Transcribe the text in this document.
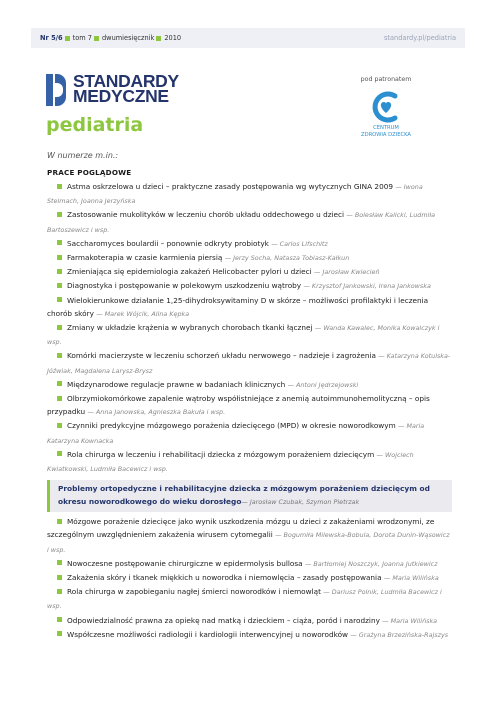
Nr 5/6 tom 7 dwumiesięcznik 2010	standardy.pl/pediatria
STANDARDY
MEDYCZNE
pediatria
pod patronatem
CENTRUM
ZDROWIA DZIECKA
W numerze m.in.:
PRACE POGLĄDOWE
Astma oskrzelowa u dzieci – praktyczne zasady postępowania wg wytycznych GINA 2009 — Iwona Stelmach, Joanna Jerzyńska
Zastosowanie mukolityków w leczeniu chorób układu oddechowego u dzieci — Bolesław Kalicki, Ludmiła Bartoszewicz i wsp.
Saccharomyces boulardii – ponownie odkryty probiotyk — Carlos Lifschitz
Farmakoterapia w czasie karmienia piersią — Jerzy Socha, Natasza Tobiasz-Kałkun
Zmieniająca się epidemiologia zakażeń Helicobacter pylori u dzieci — Jarosław Kwiecień
Diagnostyka i postępowanie w polekowym uszkodzeniu wątroby — Krzysztof Jankowski, Irena Jankowska
Wielokierunkowe działanie 1,25-dihydroksywitaminy D w skórze – możliwości profilaktyki i leczenia chorób skóry — Marek Wójcik, Alina Kępka
Zmiany w układzie krążenia w wybranych chorobach tkanki łącznej — Wanda Kawalec, Monika Kowalczyk i wsp.
Komórki macierzyste w leczeniu schorzeń układu nerwowego – nadzieje i zagrożenia — Katarzyna Kotulska-Jóźwiak, Magdalena Larysz-Brysz
Międzynarodowe regulacje prawne w badaniach klinicznych — Antoni Jędrzejowski
Olbrzymiokomórkowe zapalenie wątroby współistniejące z anemią autoimmunohemolityczną – opis przypadku — Anna Janowska, Agnieszka Bakuła i wsp.
Czynniki predykcyjne mózgowego porażenia dziecięcego (MPD) w okresie noworodkowym — Maria Katarzyna Kownacka
Rola chirurga w leczeniu i rehabilitacji dziecka z mózgowym porażeniem dziecięcym — Wojciech Kwiatkowski, Ludmiła Bacewicz i wsp.
Problemy ortopedyczne i rehabilitacyjne dziecka z mózgowym porażeniem dziecięcym od okresu noworodkowego do wieku dorosłego— Jarosław Czubak, Szymon Pietrzak
Mózgowe porażenie dziecięce jako wynik uszkodzenia mózgu u dzieci z zakażeniami wrodzonymi, ze szczególnym uwzględnieniem zakażenia wirusem cytomegalii — Bogumiła Milewska-Bobula, Dorota Dunin-Wąsowicz i wsp.
Nowoczesne postępowanie chirurgiczne w epidermolysis bullosa — Bartłomiej Noszczyk, Joanna Jutkiewicz
Zakażenia skóry i tkanek miękkich u noworodka i niemowlęcia – zasady postępowania — Maria Wilińska
Rola chirurga w zapobieganiu nagłej śmierci noworodków i niemowląt — Dariusz Polnik, Ludmiła Bacewicz i wsp.
Odpowiedzialność prawna za opiekę nad matką i dzieckiem – ciąża, poród i narodziny — Maria Wilińska
Współczesne możliwości radiologii i kardiologii interwencyjnej u noworodków — Grażyna Brzezińska-Rajszys
